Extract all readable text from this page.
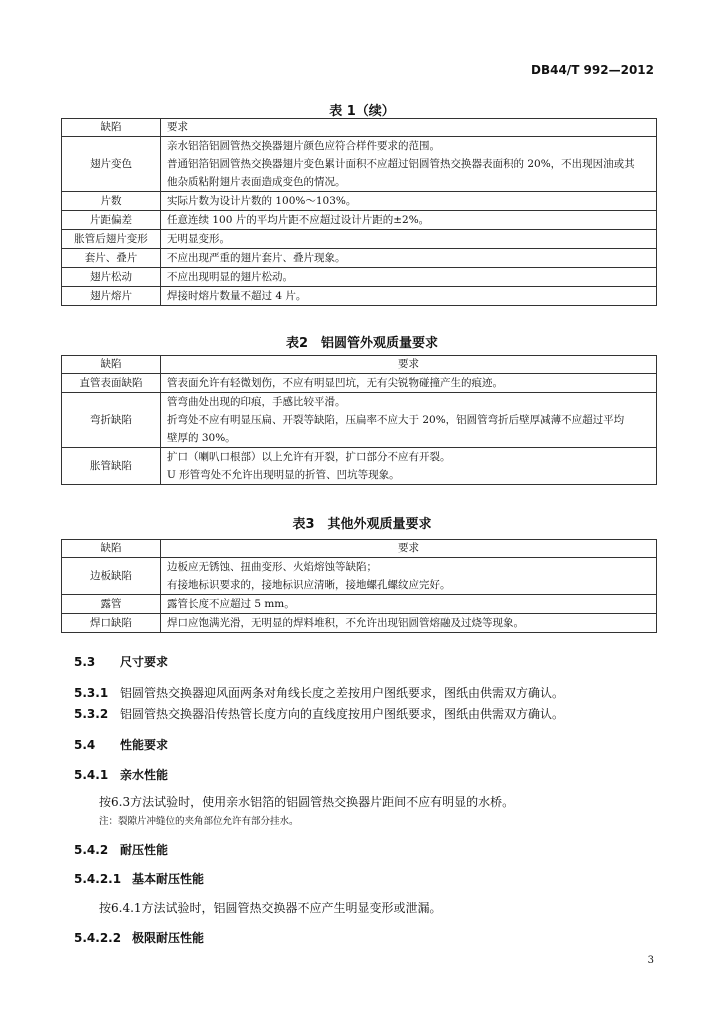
DB44/T 992—2012
表 1（续）
缺陷	要求
翅片变色	亲水铝箔铝圆管热交换器翅片颜色应符合样件要求的范围。
普通铝箔铝圆管热交换器翅片变色累计面积不应超过铝圆管热交换器表面积的 20%，不出现因油或其
他杂质粘附翅片表面造成变色的情况。

片数	实际片数为设计片数的 100%～103%。

片距偏差	任意连续 100 片的平均片距不应超过设计片距的±2%。

胀管后翅片变形	无明显变形。

套片、叠片	不应出现严重的翅片套片、叠片现象。

翅片松动	不应出现明显的翅片松动。

翅片熔片	焊接时熔片数量不超过 4 片。
表2　铝圆管外观质量要求
缺陷	要求
直管表面缺陷	管表面允许有轻微划伤，不应有明显凹坑，无有尖锐物碰撞产生的痕迹。

弯折缺陷	管弯曲处出现的印痕，手感比较平滑。
折弯处不应有明显压扁、开裂等缺陷，压扁率不应大于 20%，铝圆管弯折后壁厚减薄不应超过平均
壁厚的 30%。

胀管缺陷	扩口（喇叭口根部）以上允许有开裂，扩口部分不应有开裂。
U 形管弯处不允许出现明显的折管、凹坑等现象。
表3　其他外观质量要求
缺陷	要求
边板缺陷	边板应无锈蚀、扭曲变形、火焰熔蚀等缺陷；
有接地标识要求的，接地标识应清晰，接地螺孔螺纹应完好。

露管	露管长度不应超过 5 mm。

焊口缺陷	焊口应饱满光滑，无明显的焊料堆积，不允许出现铝圆管熔融及过烧等现象。
5.3 尺寸要求
5.3.1 铝圆管热交换器迎风面两条对角线长度之差按用户图纸要求，图纸由供需双方确认。
5.3.2 铝圆管热交换器沿传热管长度方向的直线度按用户图纸要求，图纸由供需双方确认。
5.4 性能要求
5.4.1 亲水性能
按6.3方法试验时，使用亲水铝箔的铝圆管热交换器片距间不应有明显的水桥。
注：裂隙片冲缝位的夹角部位允许有部分挂水。
5.4.2 耐压性能
5.4.2.1 基本耐压性能
按6.4.1方法试验时，铝圆管热交换器不应产生明显变形或泄漏。
5.4.2.2 极限耐压性能
3
